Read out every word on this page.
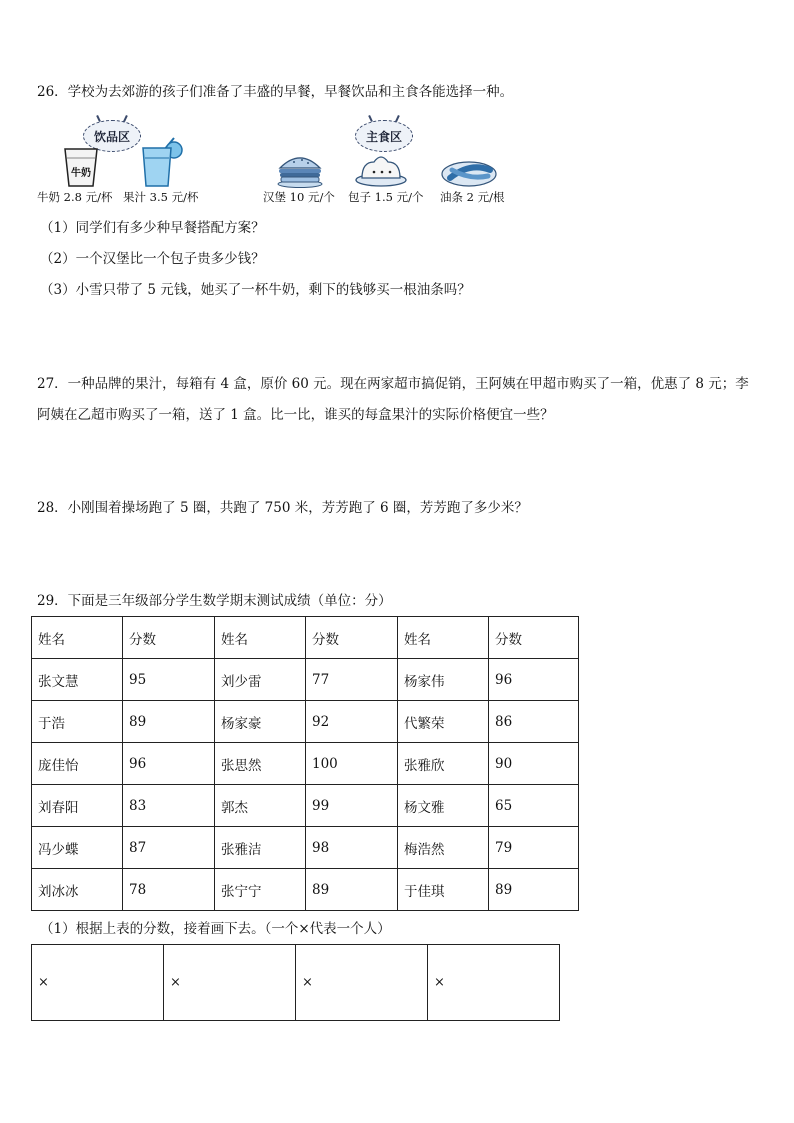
26．学校为去郊游的孩子们准备了丰盛的早餐，早餐饮品和主食各能选择一种。
饮品区	主食区
牛奶
牛奶 2.8 元/杯 果汁 3.5 元/杯	汉堡 10 元/个 包子 1.5 元/个 油条 2 元/根
（1）同学们有多少种早餐搭配方案？
（2）一个汉堡比一个包子贵多少钱？
（3）小雪只带了 5 元钱，她买了一杯牛奶，剩下的钱够买一根油条吗？
27．一种品牌的果汁，每箱有 4 盒，原价 60 元。现在两家超市搞促销，王阿姨在甲超市购买了一箱，优惠了 8 元；李
阿姨在乙超市购买了一箱，送了 1 盒。比一比，谁买的每盒果汁的实际价格便宜一些？
28．小刚围着操场跑了 5 圈，共跑了 750 米，芳芳跑了 6 圈，芳芳跑了多少米？
29．下面是三年级部分学生数学期末测试成绩（单位：分）
姓名	分数	姓名	分数	姓名	分数
张文慧	95	刘少雷	77	杨家伟	96
于浩	89	杨家豪	92	代繁荣	86
庞佳怡	96	张思然	100	张雅欣	90
刘春阳	83	郭杰	99	杨文雅	65
冯少蝶	87	张雅洁	98	梅浩然	79
刘冰冰	78	张宁宁	89	于佳琪	89
（1）根据上表的分数，接着画下去。（一个×代表一个人）
×	×	×	×
